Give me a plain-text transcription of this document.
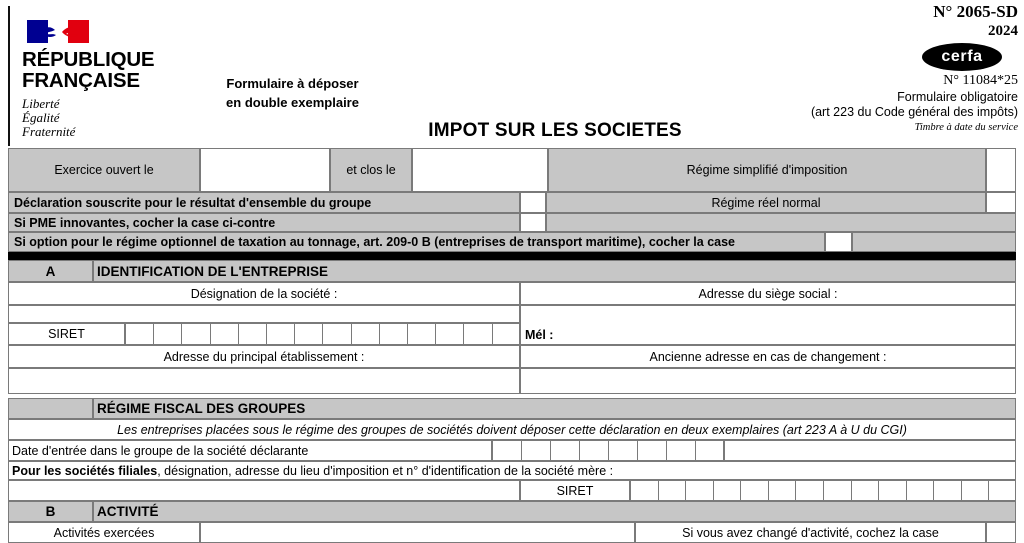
RÉPUBLIQUE
FRANÇAISE
Liberté
Égalité
Fraternité
Formulaire à déposer
en double exemplaire
IMPOT SUR LES SOCIETES
N° 2065-SD
2024
cerfa
N° 11084*25
Formulaire obligatoire
(art 223 du Code général des impôts)
Timbre à date du service
Exercice ouvert le	et clos le	Régime simplifié d'imposition
Déclaration souscrite pour le résultat d'ensemble du groupe	Régime réel normal
Si PME innovantes, cocher la case ci-contre
Si option pour le régime optionnel de taxation au tonnage, art. 209-0 B (entreprises de transport maritime), cocher la case
A	IDENTIFICATION DE L'ENTREPRISE
Désignation de la société :	Adresse du siège social :
SIRET	Mél :
Adresse du principal établissement :	Ancienne adresse en cas de changement :
RÉGIME FISCAL DES GROUPES
Les entreprises placées sous le régime des groupes de sociétés doivent déposer cette déclaration en deux exemplaires (art 223 A à U du CGI)
Date d'entrée dans le groupe de la société déclarante
Pour les sociétés filiales, désignation, adresse du lieu d'imposition et n° d'identification de la société mère :
SIRET
B	ACTIVITÉ
Activités exercées	Si vous avez changé d'activité, cochez la case
